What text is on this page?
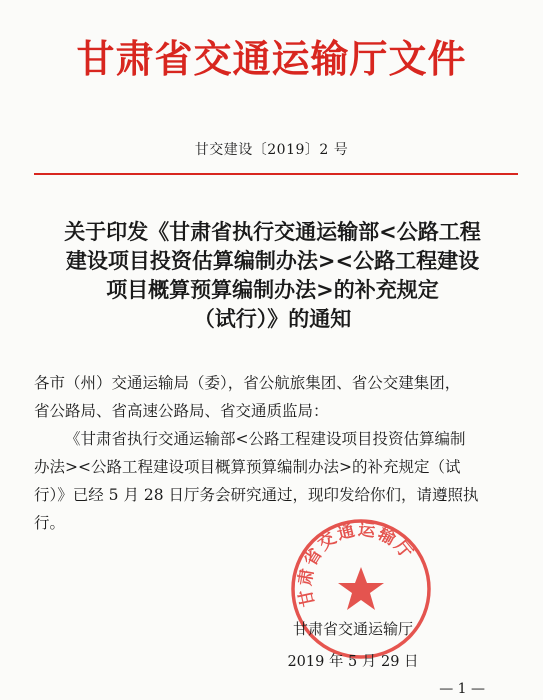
甘肃省交通运输厅文件
甘交建设〔2019〕2 号
关于印发《甘肃省执行交通运输部<公路工程
建设项目投资估算编制办法><公路工程建设
项目概算预算编制办法>的补充规定
（试行）》的通知
各市（州）交通运输局（委），省公航旅集团、省公交建集团，
省公路局、省高速公路局、省交通质监局：
《甘肃省执行交通运输部<公路工程建设项目投资估算编制
办法><公路工程建设项目概算预算编制办法>的补充规定（试
行）》已经 5 月 28 日厅务会研究通过，现印发给你们，请遵照执
行。
甘肃省交通运输厅
甘肃省交通运输厅
2019 年 5 月 29 日
— 1 —
